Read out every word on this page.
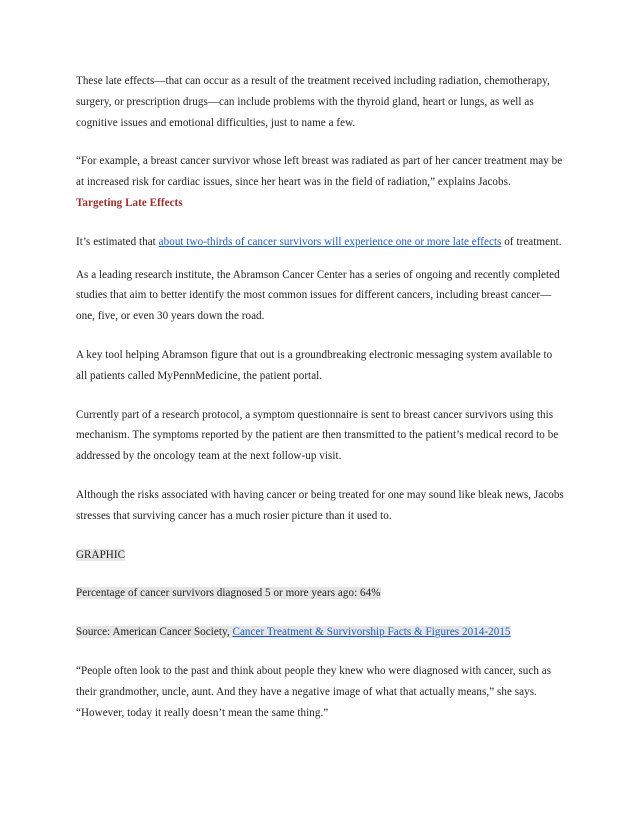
These late effects—that can occur as a result of the treatment received including radiation, chemotherapy, surgery, or prescription drugs—can include problems with the thyroid gland, heart or lungs, as well as cognitive issues and emotional difficulties, just to name a few.

“For example, a breast cancer survivor whose left breast was radiated as part of her cancer treatment may be at increased risk for cardiac issues, since her heart was in the field of radiation,” explains Jacobs.

Targeting Late Effects

It’s estimated that about two-thirds of cancer survivors will experience one or more late effects of treatment.

As a leading research institute, the Abramson Cancer Center has a series of ongoing and recently completed studies that aim to better identify the most common issues for different cancers, including breast cancer—one, five, or even 30 years down the road.

A key tool helping Abramson figure that out is a groundbreaking electronic messaging system available to all patients called MyPennMedicine, the patient portal.

Currently part of a research protocol, a symptom questionnaire is sent to breast cancer survivors using this mechanism. The symptoms reported by the patient are then transmitted to the patient’s medical record to be addressed by the oncology team at the next follow-up visit.

Although the risks associated with having cancer or being treated for one may sound like bleak news, Jacobs stresses that surviving cancer has a much rosier picture than it used to.

GRAPHIC

Percentage of cancer survivors diagnosed 5 or more years ago: 64%

Source: American Cancer Society, Cancer Treatment & Survivorship Facts & Figures 2014-2015

“People often look to the past and think about people they knew who were diagnosed with cancer, such as their grandmother, uncle, aunt. And they have a negative image of what that actually means,” she says. “However, today it really doesn’t mean the same thing.”
